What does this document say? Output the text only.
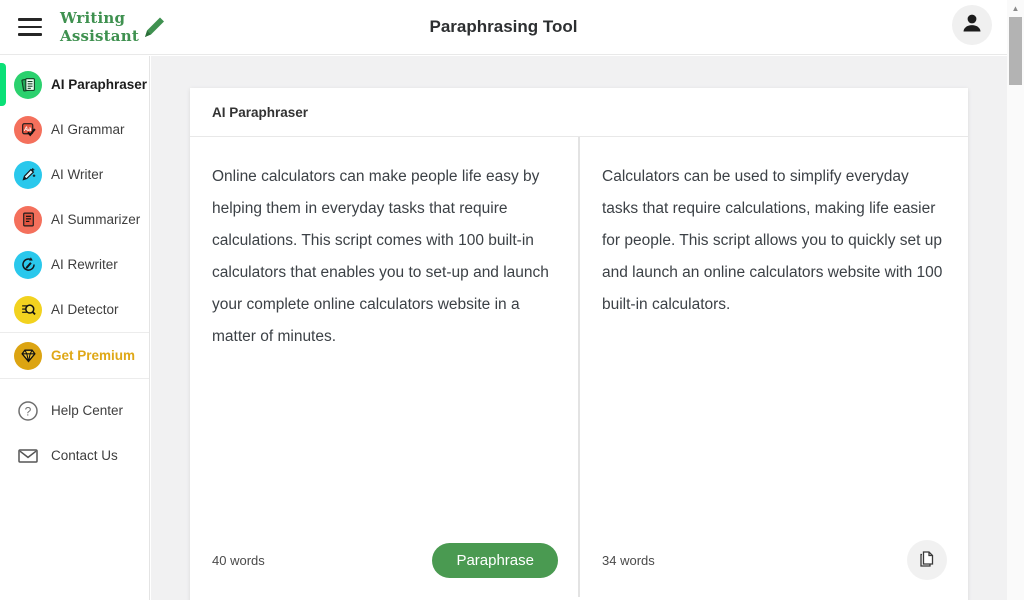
Writing
Assistant	Paraphrasing Tool
AI Paraphraser
Aa AI Grammar
AI Writer
AI Summarizer
AI Rewriter
AI Detector
Get Premium
? Help Center
Contact Us
AI Paraphraser
Online calculators can make people life easy by helping them in everyday tasks that require calculations. This script comes with 100 built-in calculators that enables you to set-up and launch your complete online calculators website in a matter of minutes.
40 words	Paraphrase
Calculators can be used to simplify everyday tasks that require calculations, making life easier for people. This script allows you to quickly set up and launch an online calculators website with 100 built-in calculators.
34 words
▲
